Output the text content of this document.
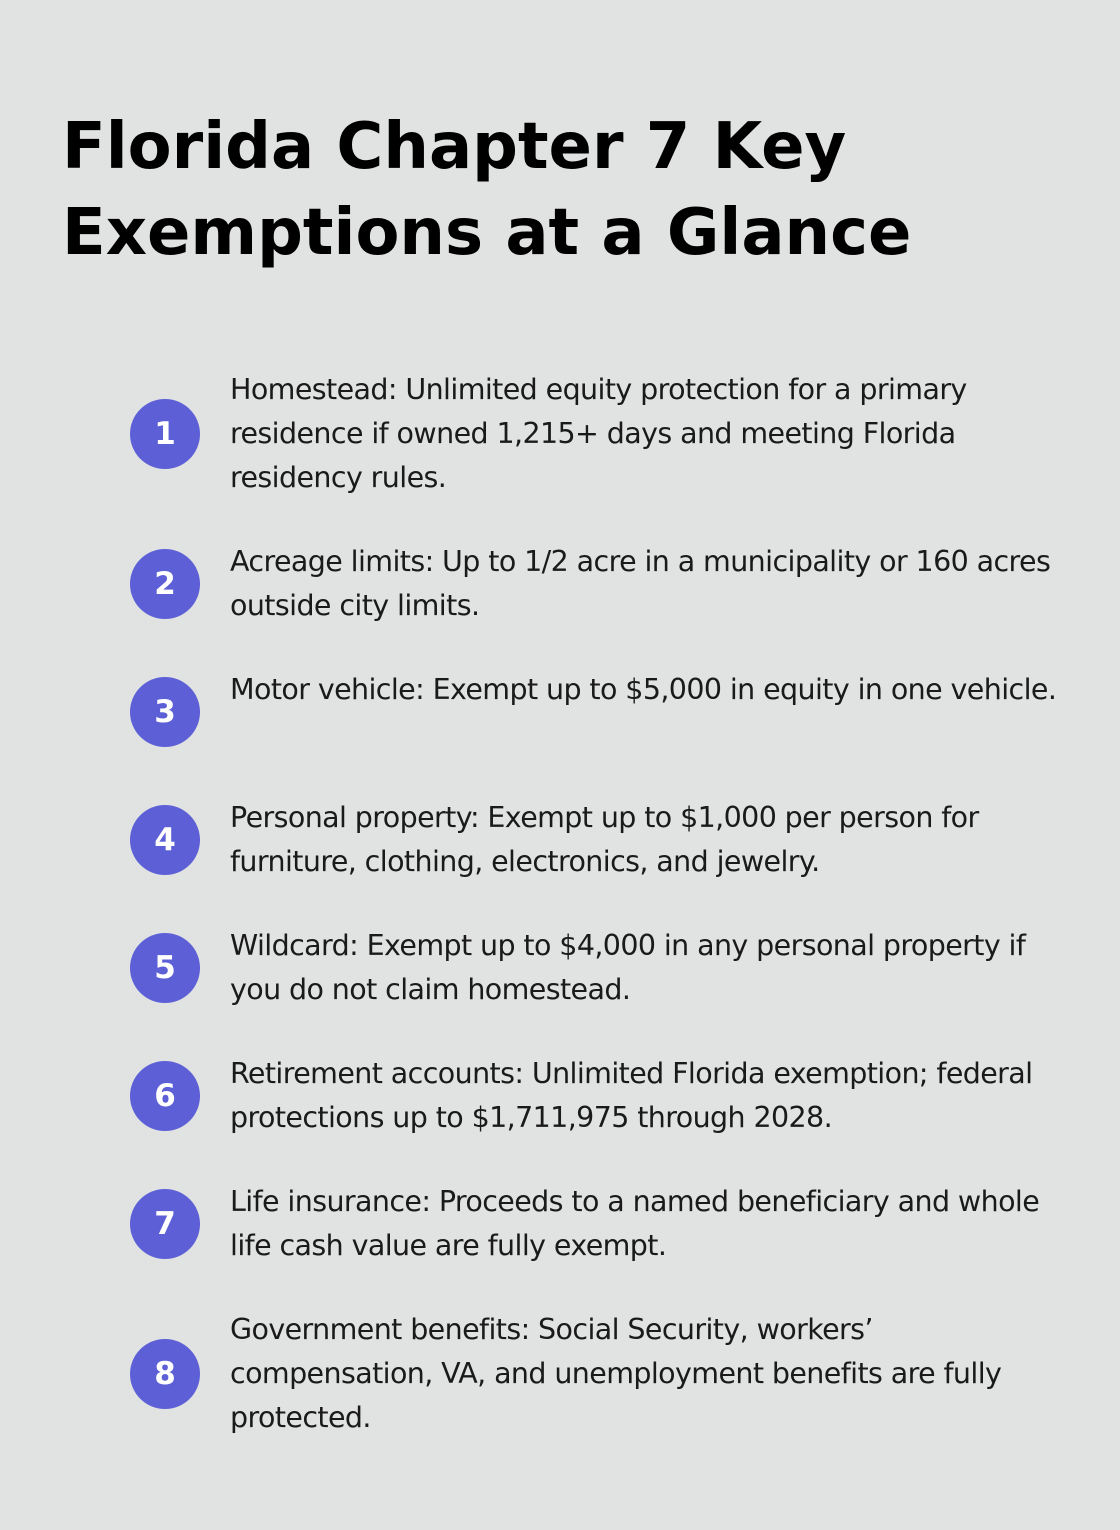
Florida Chapter 7 Key Exemptions at a Glance
1
Homestead: Unlimited equity protection for a primary residence if owned 1,215+ days and meeting Florida residency rules.
2
Acreage limits: Up to 1/2 acre in a municipality or 160 acres outside city limits.
3
Motor vehicle: Exempt up to $5,000 in equity in one vehicle.
4
Personal property: Exempt up to $1,000 per person for furniture, clothing, electronics, and jewelry.
5
Wildcard: Exempt up to $4,000 in any personal property if you do not claim homestead.
6
Retirement accounts: Unlimited Florida exemption; federal protections up to $1,711,975 through 2028.
7
Life insurance: Proceeds to a named beneficiary and whole life cash value are fully exempt.
8
Government benefits: Social Security, workers’ compensation, VA, and unemployment benefits are fully protected.
